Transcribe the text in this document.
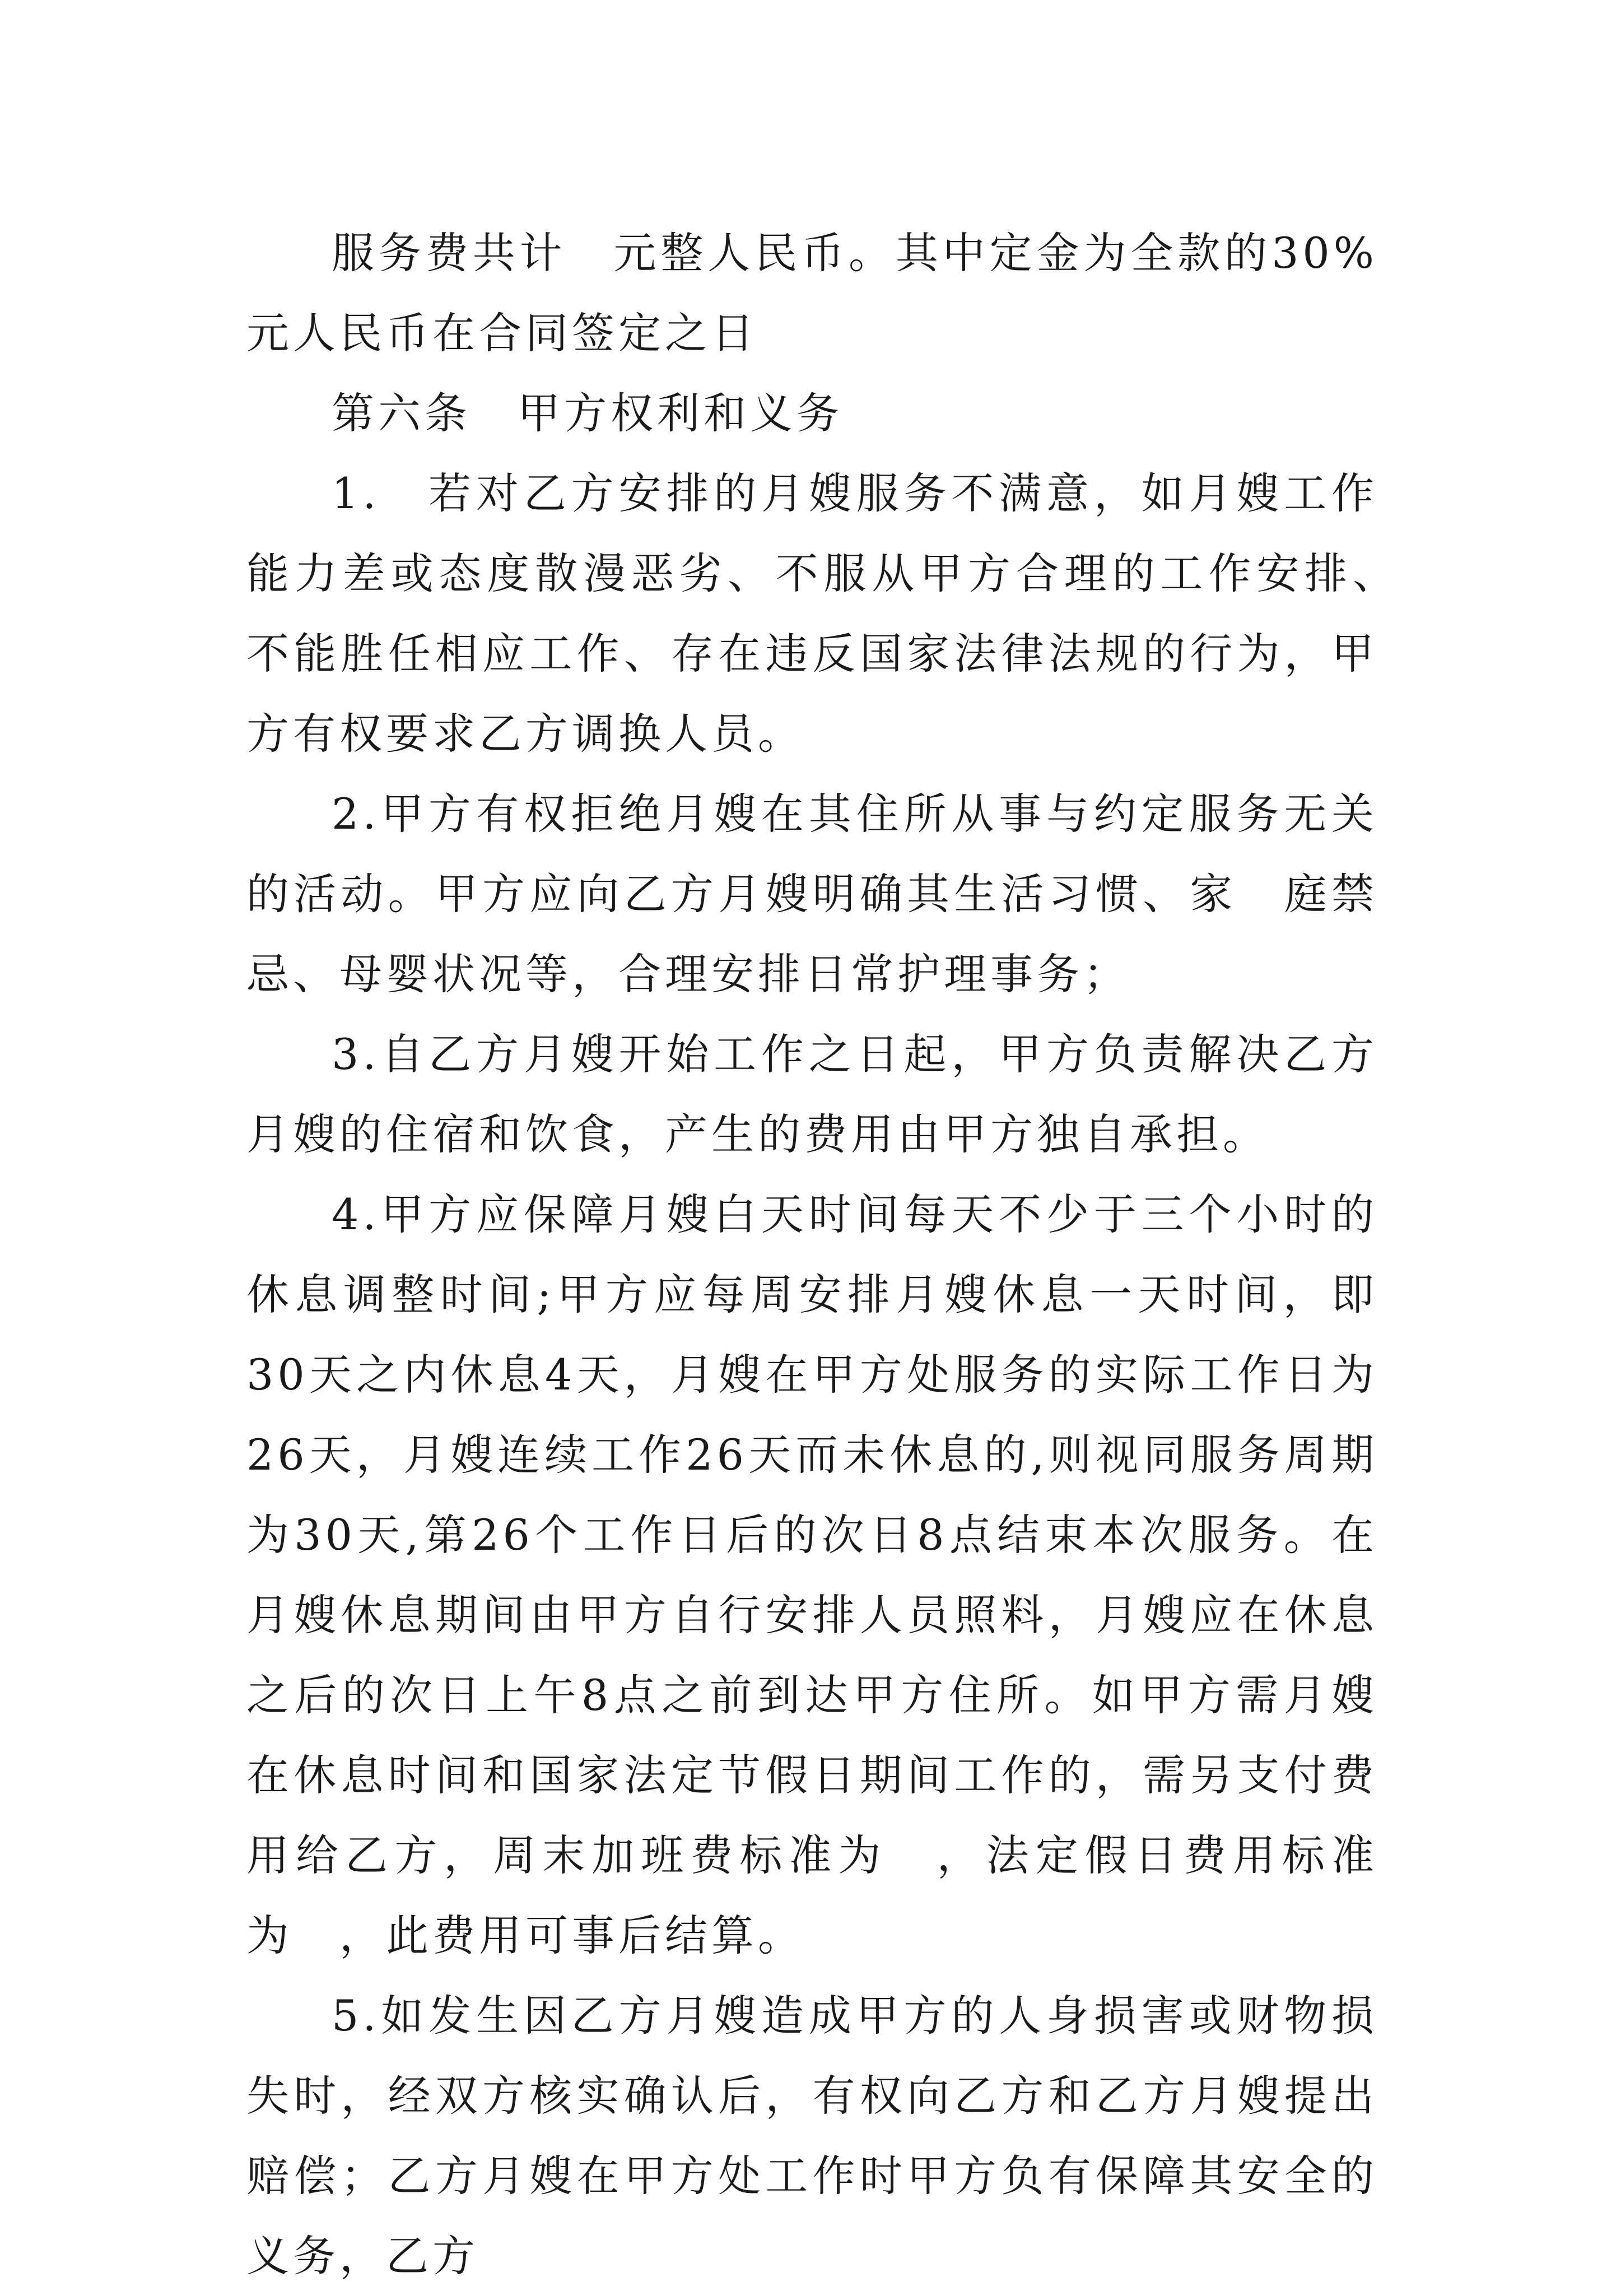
服务费共计　元整人民币。其中定金为全款的30%　元人民币在合同签定之日

第六条　甲方权利和义务

1.　若对乙方安排的月嫂服务不满意，如月嫂工作能力差或态度散漫恶劣、不服从甲方合理的工作安排、　不能胜任相应工作、存在违反国家法律法规的行为，甲方有权要求乙方调换人员。

2.甲方有权拒绝月嫂在其住所从事与约定服务无关的活动。甲方应向乙方月嫂明确其生活习惯、家　庭禁忌、母婴状况等，合理安排日常护理事务；

3.自乙方月嫂开始工作之日起，甲方负责解决乙方月嫂的住宿和饮食，产生的费用由甲方独自承担。

4.甲方应保障月嫂白天时间每天不少于三个小时的休息调整时间;甲方应每周安排月嫂休息一天时间，即30天之内休息4天，月嫂在甲方处服务的实际工作日为26天，月嫂连续工作26天而未休息的,则视同服务周期为30天,第26个工作日后的次日8点结束本次服务。在月嫂休息期间由甲方自行安排人员照料，月嫂应在休息之后的次日上午8点之前到达甲方住所。如甲方需月嫂在休息时间和国家法定节假日期间工作的，需另支付费用给乙方，周末加班费标准为　，法定假日费用标准为　，此费用可事后结算。

5.如发生因乙方月嫂造成甲方的人身损害或财物损失时，经双方核实确认后，有权向乙方和乙方月嫂提出赔偿；乙方月嫂在甲方处工作时甲方负有保障其安全的义务，乙方
